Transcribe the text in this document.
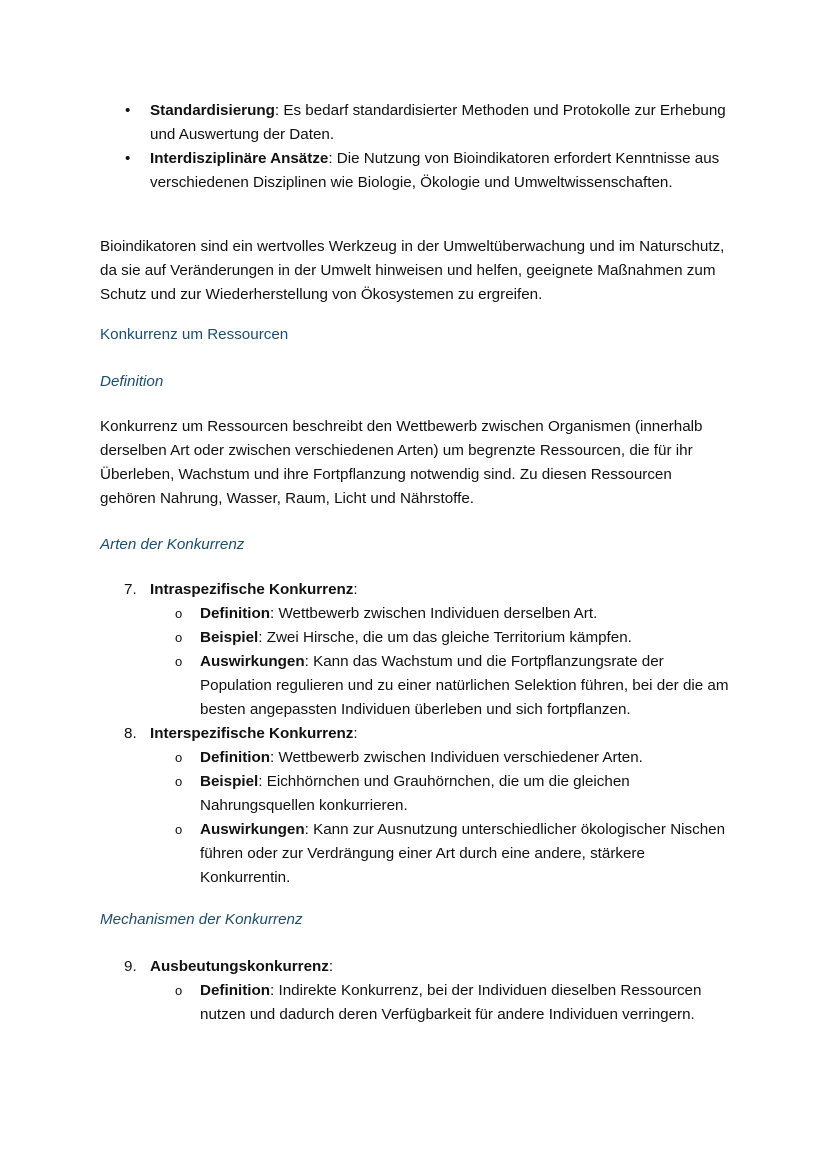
• Standardisierung: Es bedarf standardisierter Methoden und Protokolle zur Erhebung und Auswertung der Daten.
• Interdisziplinäre Ansätze: Die Nutzung von Bioindikatoren erfordert Kenntnisse aus verschiedenen Disziplinen wie Biologie, Ökologie und Umweltwissenschaften.
Bioindikatoren sind ein wertvolles Werkzeug in der Umweltüberwachung und im Naturschutz, da sie auf Veränderungen in der Umwelt hinweisen und helfen, geeignete Maßnahmen zum Schutz und zur Wiederherstellung von Ökosystemen zu ergreifen.
Konkurrenz um Ressourcen
Definition
Konkurrenz um Ressourcen beschreibt den Wettbewerb zwischen Organismen (innerhalb derselben Art oder zwischen verschiedenen Arten) um begrenzte Ressourcen, die für ihr Überleben, Wachstum und ihre Fortpflanzung notwendig sind. Zu diesen Ressourcen gehören Nahrung, Wasser, Raum, Licht und Nährstoffe.
Arten der Konkurrenz
7. Intraspezifische Konkurrenz:
o Definition: Wettbewerb zwischen Individuen derselben Art.
o Beispiel: Zwei Hirsche, die um das gleiche Territorium kämpfen.
o Auswirkungen: Kann das Wachstum und die Fortpflanzungsrate der Population regulieren und zu einer natürlichen Selektion führen, bei der die am besten angepassten Individuen überleben und sich fortpflanzen.
8. Interspezifische Konkurrenz:
o Definition: Wettbewerb zwischen Individuen verschiedener Arten.
o Beispiel: Eichhörnchen und Grauhörnchen, die um die gleichen Nahrungsquellen konkurrieren.
o Auswirkungen: Kann zur Ausnutzung unterschiedlicher ökologischer Nischen führen oder zur Verdrängung einer Art durch eine andere, stärkere Konkurrentin.
Mechanismen der Konkurrenz
9. Ausbeutungskonkurrenz:
o Definition: Indirekte Konkurrenz, bei der Individuen dieselben Ressourcen nutzen und dadurch deren Verfügbarkeit für andere Individuen verringern.
